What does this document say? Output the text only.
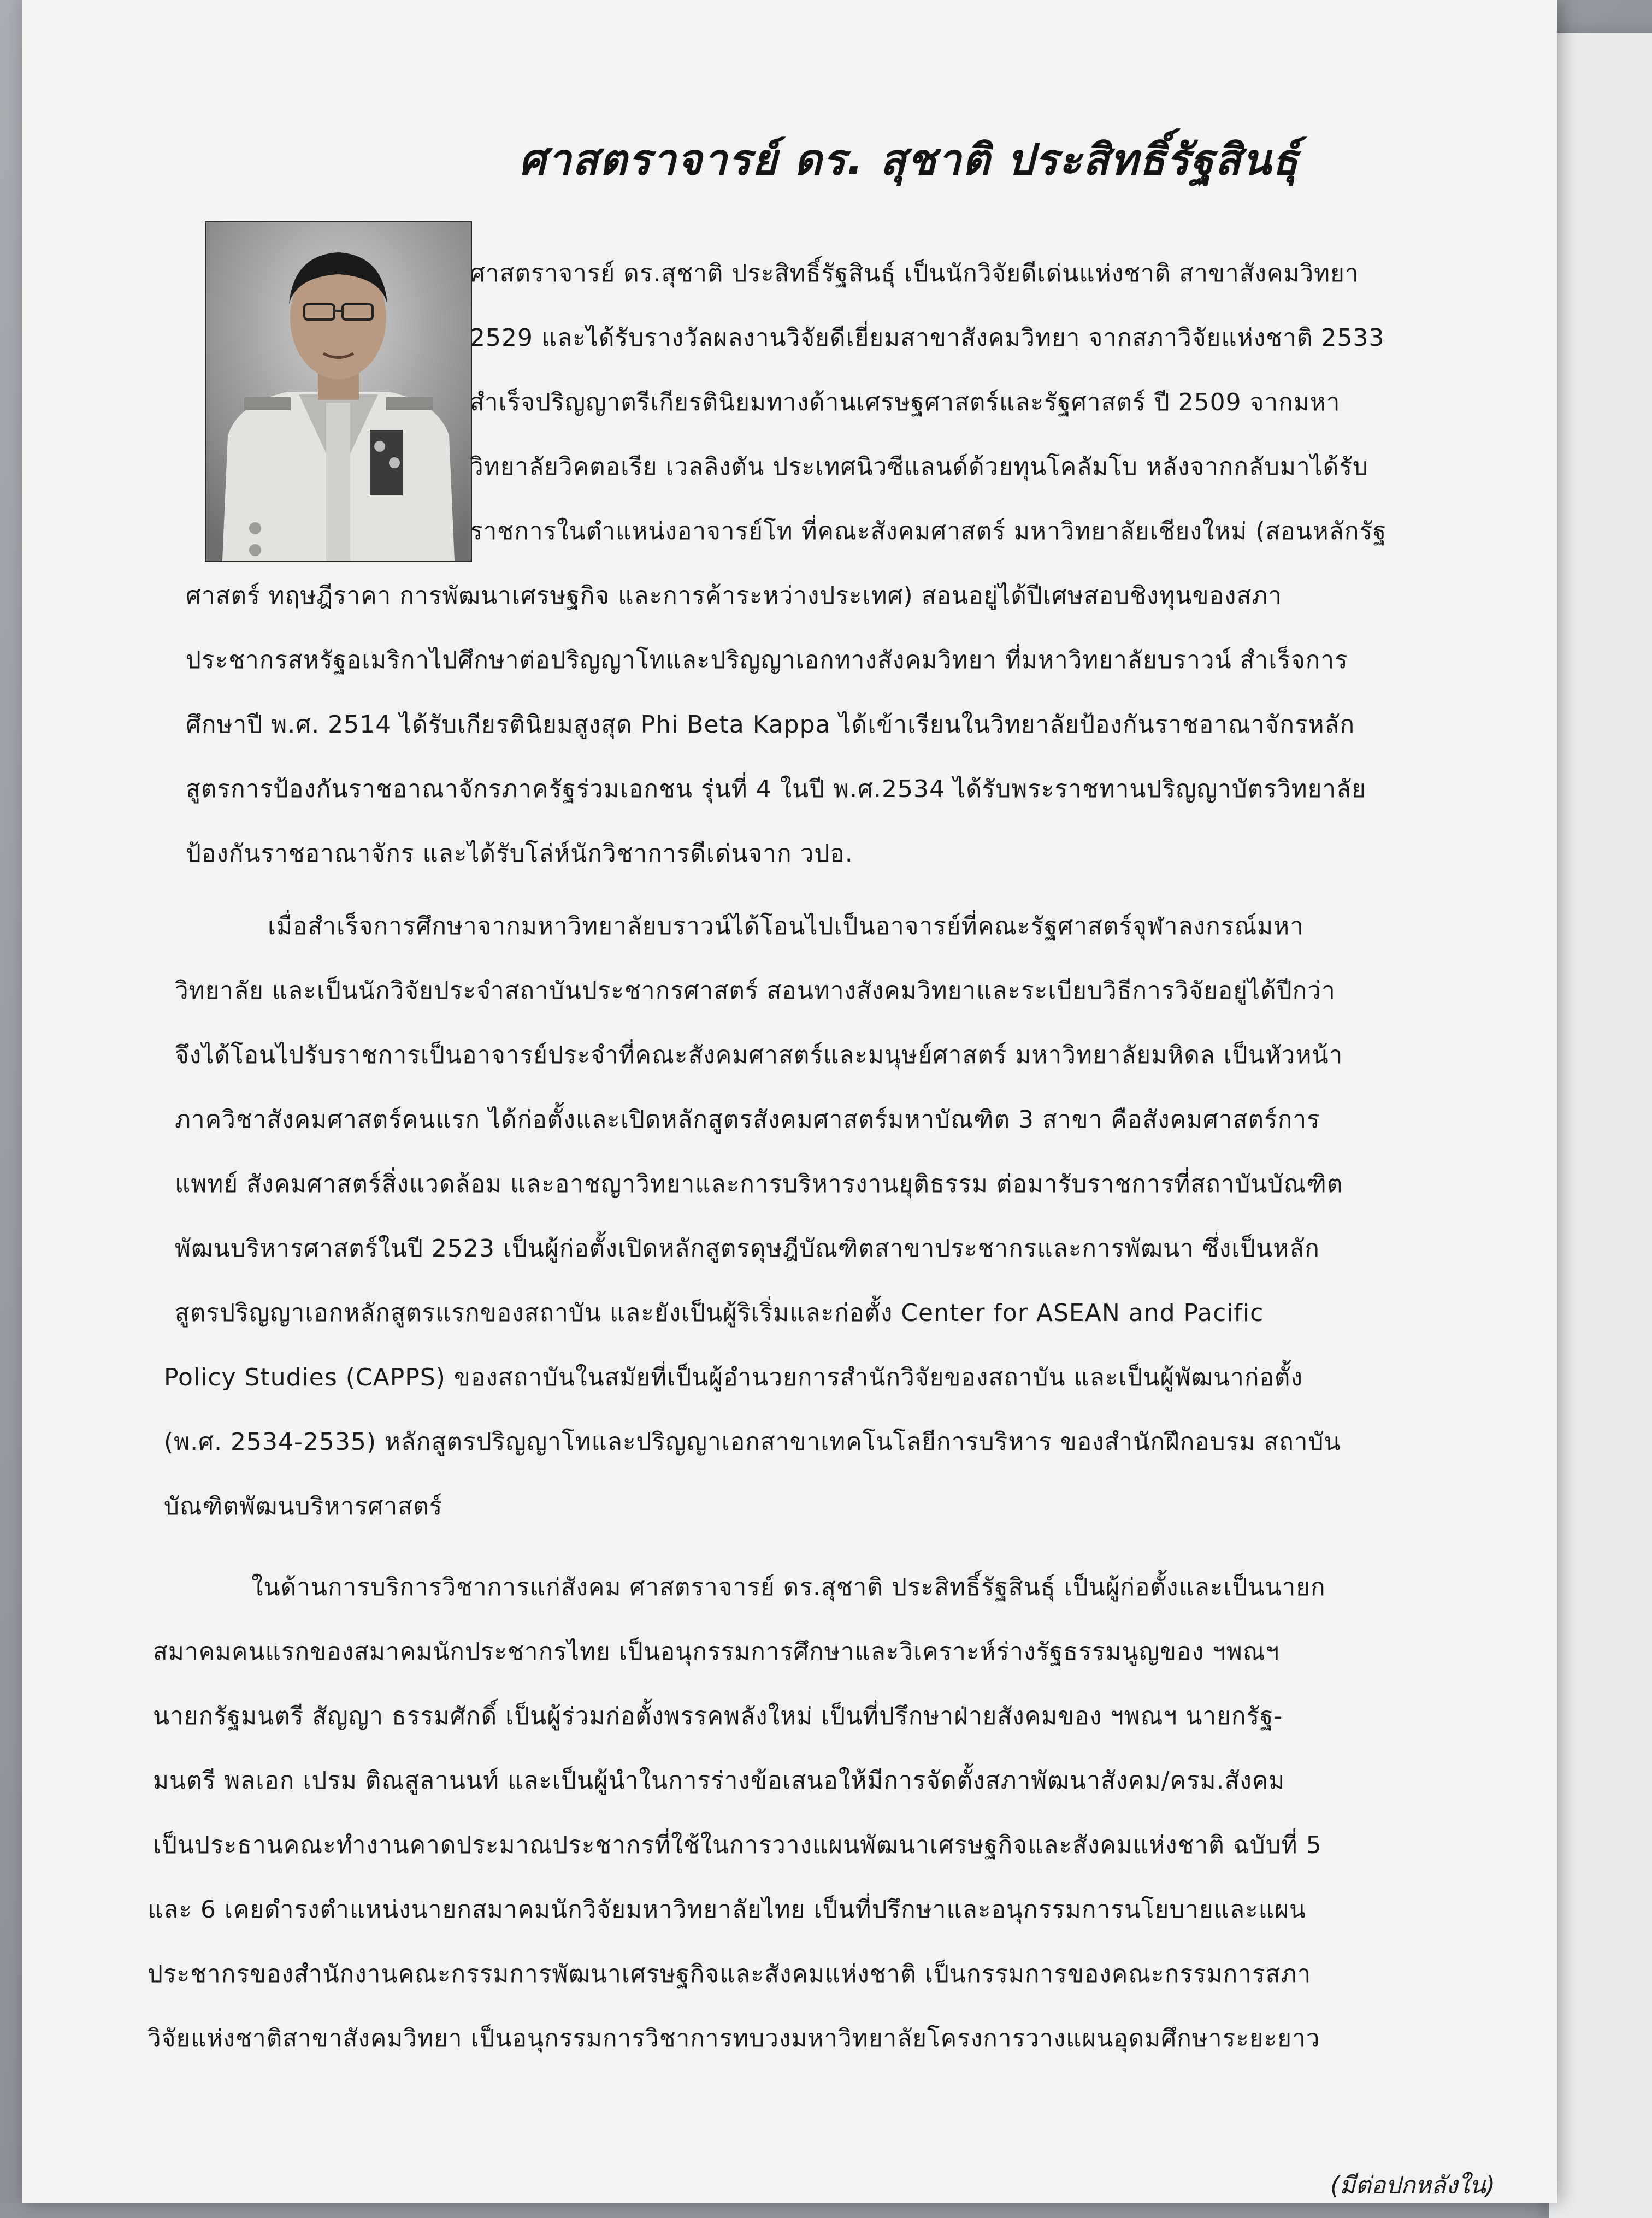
ศาสตราจารย์ ดร. สุชาติ ประสิทธิ์รัฐสินธุ์
ศาสตราจารย์ ดร.สุชาติ ประสิทธิ์รัฐสินธุ์ เป็นนักวิจัยดีเด่นแห่งชาติ สาขาสังคมวิทยา
2529 และได้รับรางวัลผลงานวิจัยดีเยี่ยมสาขาสังคมวิทยา จากสภาวิจัยแห่งชาติ 2533
สำเร็จปริญญาตรีเกียรตินิยมทางด้านเศรษฐศาสตร์และรัฐศาสตร์ ปี 2509 จากมหา
วิทยาลัยวิคตอเรีย เวลลิงตัน ประเทศนิวซีแลนด์ด้วยทุนโคลัมโบ หลังจากกลับมาได้รับ
ราชการในตำแหน่งอาจารย์โท ที่คณะสังคมศาสตร์ มหาวิทยาลัยเชียงใหม่ (สอนหลักรัฐ
ศาสตร์ ทฤษฎีราคา การพัฒนาเศรษฐกิจ และการค้าระหว่างประเทศ) สอนอยู่ได้ปีเศษสอบชิงทุนของสภา
ประชากรสหรัฐอเมริกาไปศึกษาต่อปริญญาโทและปริญญาเอกทางสังคมวิทยา ที่มหาวิทยาลัยบราวน์ สำเร็จการ
ศึกษาปี พ.ศ. 2514 ได้รับเกียรตินิยมสูงสุด Phi Beta Kappa ได้เข้าเรียนในวิทยาลัยป้องกันราชอาณาจักรหลัก
สูตรการป้องกันราชอาณาจักรภาครัฐร่วมเอกชน รุ่นที่ 4 ในปี พ.ศ.2534 ได้รับพระราชทานปริญญาบัตรวิทยาลัย
ป้องกันราชอาณาจักร และได้รับโล่ห์นักวิชาการดีเด่นจาก วปอ.
เมื่อสำเร็จการศึกษาจากมหาวิทยาลัยบราวน์ได้โอนไปเป็นอาจารย์ที่คณะรัฐศาสตร์จุฬาลงกรณ์มหา
วิทยาลัย และเป็นนักวิจัยประจำสถาบันประชากรศาสตร์ สอนทางสังคมวิทยาและระเบียบวิธีการวิจัยอยู่ได้ปีกว่า
จึงได้โอนไปรับราชการเป็นอาจารย์ประจำที่คณะสังคมศาสตร์และมนุษย์ศาสตร์ มหาวิทยาลัยมหิดล เป็นหัวหน้า
ภาควิชาสังคมศาสตร์คนแรก ได้ก่อตั้งและเปิดหลักสูตรสังคมศาสตร์มหาบัณฑิต 3 สาขา คือสังคมศาสตร์การ
แพทย์ สังคมศาสตร์สิ่งแวดล้อม และอาชญาวิทยาและการบริหารงานยุติธรรม ต่อมารับราชการที่สถาบันบัณฑิต
พัฒนบริหารศาสตร์ในปี 2523 เป็นผู้ก่อตั้งเปิดหลักสูตรดุษฎีบัณฑิตสาขาประชากรและการพัฒนา ซึ่งเป็นหลัก
สูตรปริญญาเอกหลักสูตรแรกของสถาบัน และยังเป็นผู้ริเริ่มและก่อตั้ง Center for ASEAN and Pacific
Policy Studies (CAPPS) ของสถาบันในสมัยที่เป็นผู้อำนวยการสำนักวิจัยของสถาบัน และเป็นผู้พัฒนาก่อตั้ง
(พ.ศ. 2534-2535) หลักสูตรปริญญาโทและปริญญาเอกสาขาเทคโนโลยีการบริหาร ของสำนักฝึกอบรม สถาบัน
บัณฑิตพัฒนบริหารศาสตร์
ในด้านการบริการวิชาการแก่สังคม ศาสตราจารย์ ดร.สุชาติ ประสิทธิ์รัฐสินธุ์ เป็นผู้ก่อตั้งและเป็นนายก
สมาคมคนแรกของสมาคมนักประชากรไทย เป็นอนุกรรมการศึกษาและวิเคราะห์ร่างรัฐธรรมนูญของ ฯพณฯ
นายกรัฐมนตรี สัญญา ธรรมศักดิ์ เป็นผู้ร่วมก่อตั้งพรรคพลังใหม่ เป็นที่ปรึกษาฝ่ายสังคมของ ฯพณฯ นายกรัฐ-
มนตรี พลเอก เปรม ติณสูลานนท์ และเป็นผู้นำในการร่างข้อเสนอให้มีการจัดตั้งสภาพัฒนาสังคม/ครม.สังคม
เป็นประธานคณะทำงานคาดประมาณประชากรที่ใช้ในการวางแผนพัฒนาเศรษฐกิจและสังคมแห่งชาติ ฉบับที่ 5
และ 6 เคยดำรงตำแหน่งนายกสมาคมนักวิจัยมหาวิทยาลัยไทย เป็นที่ปรึกษาและอนุกรรมการนโยบายและแผน
ประชากรของสำนักงานคณะกรรมการพัฒนาเศรษฐกิจและสังคมแห่งชาติ เป็นกรรมการของคณะกรรมการสภา
วิจัยแห่งชาติสาขาสังคมวิทยา เป็นอนุกรรมการวิชาการทบวงมหาวิทยาลัยโครงการวางแผนอุดมศึกษาระยะยาว
(มีต่อปกหลังใน)
